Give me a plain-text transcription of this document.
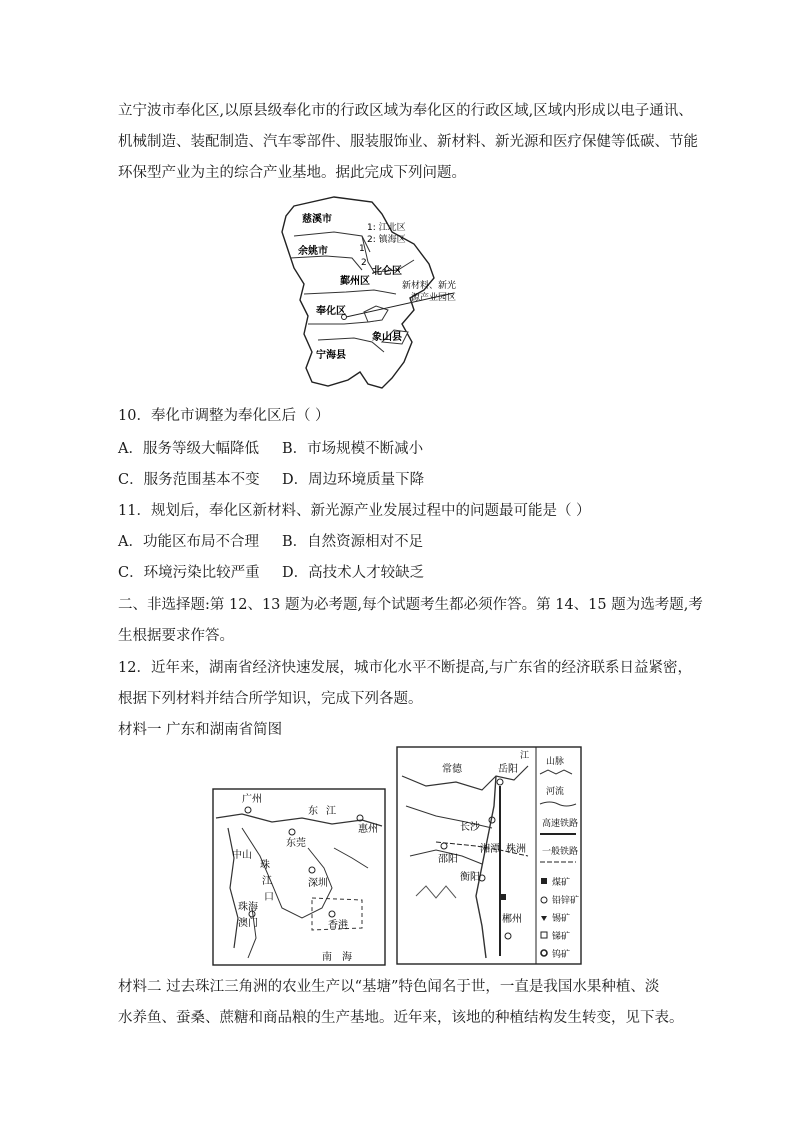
立宁波市奉化区,以原县级奉化市的行政区域为奉化区的行政区域,区域内形成以电子通讯、

机械制造、装配制造、汽车零部件、服装服饰业、新材料、新光源和医疗保健等低碳、节能

环保型产业为主的综合产业基地。据此完成下列问题。

慈溪市
1: 江北区
2: 镇海区
1
2
余姚市
北仑区
鄞州区
奉化区
象山县
宁海县
新材料、新光
源产业园区

10．奉化市调整为奉化区后（ ）

A．服务等级大幅降低 B．市场规模不断减小
C．服务范围基本不变 D．周边环境质量下降

11．规划后，奉化区新材料、新光源产业发展过程中的问题最可能是（ ）

A．功能区布局不合理 B．自然资源相对不足
C．环境污染比较严重 D．高技术人才较缺乏

二、非选择题:第 12、13 题为必考题,每个试题考生都必须作答。第 14、15 题为选考题,考

生根据要求作答。

12．近年来，湖南省经济快速发展，城市化水平不断提高,与广东省的经济联系日益紧密，

根据下列材料并结合所学知识，完成下列各题。

材料一 广东和湖南省简图

广州
东 江
惠州
东莞
中山
珠
江
口
深圳
珠海
澳门	香港
南 海
常德	岳阳
长沙
邵阳
湘潭 株洲
衡阳
郴州
江
山脉
河流
高速铁路
一般铁路
煤矿
铅锌矿
锡矿
锑矿
钨矿

材料二 过去珠江三角洲的农业生产以“基塘”特色闻名于世，一直是我国水果种植、淡

水养鱼、蚕桑、蔗糖和商品粮的生产基地。近年来，该地的种植结构发生转变，见下表。
